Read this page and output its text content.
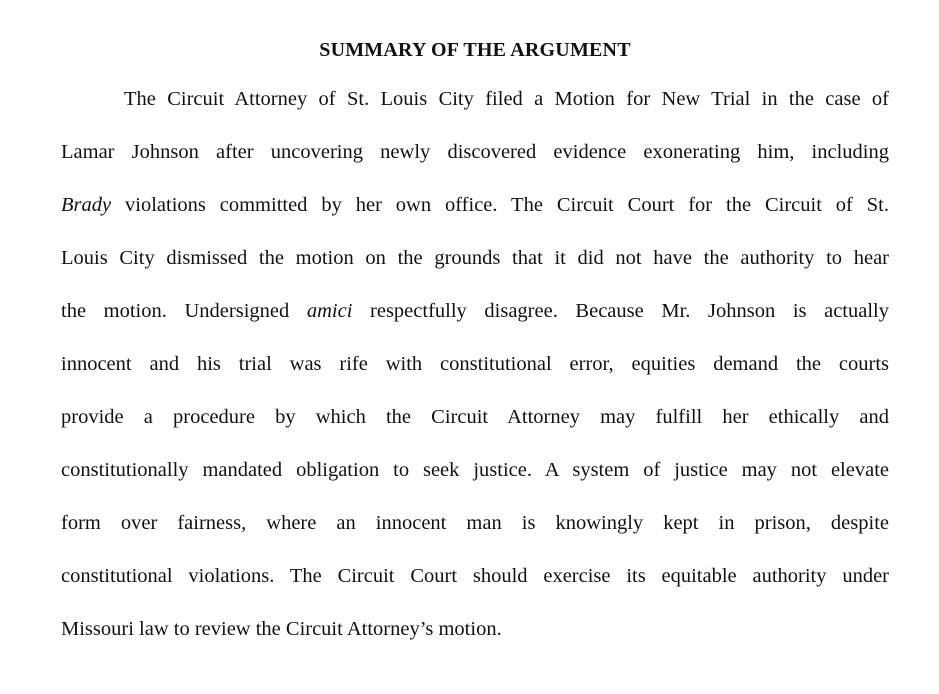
SUMMARY OF THE ARGUMENT
The Circuit Attorney of St. Louis City filed a Motion for New Trial in the case of
Lamar Johnson after uncovering newly discovered evidence exonerating him, including
Brady violations committed by her own office. The Circuit Court for the Circuit of St.
Louis City dismissed the motion on the grounds that it did not have the authority to hear
the motion. Undersigned amici respectfully disagree. Because Mr. Johnson is actually
innocent and his trial was rife with constitutional error, equities demand the courts
provide a procedure by which the Circuit Attorney may fulfill her ethically and
constitutionally mandated obligation to seek justice. A system of justice may not elevate
form over fairness, where an innocent man is knowingly kept in prison, despite
constitutional violations. The Circuit Court should exercise its equitable authority under
Missouri law to review the Circuit Attorney’s motion.
